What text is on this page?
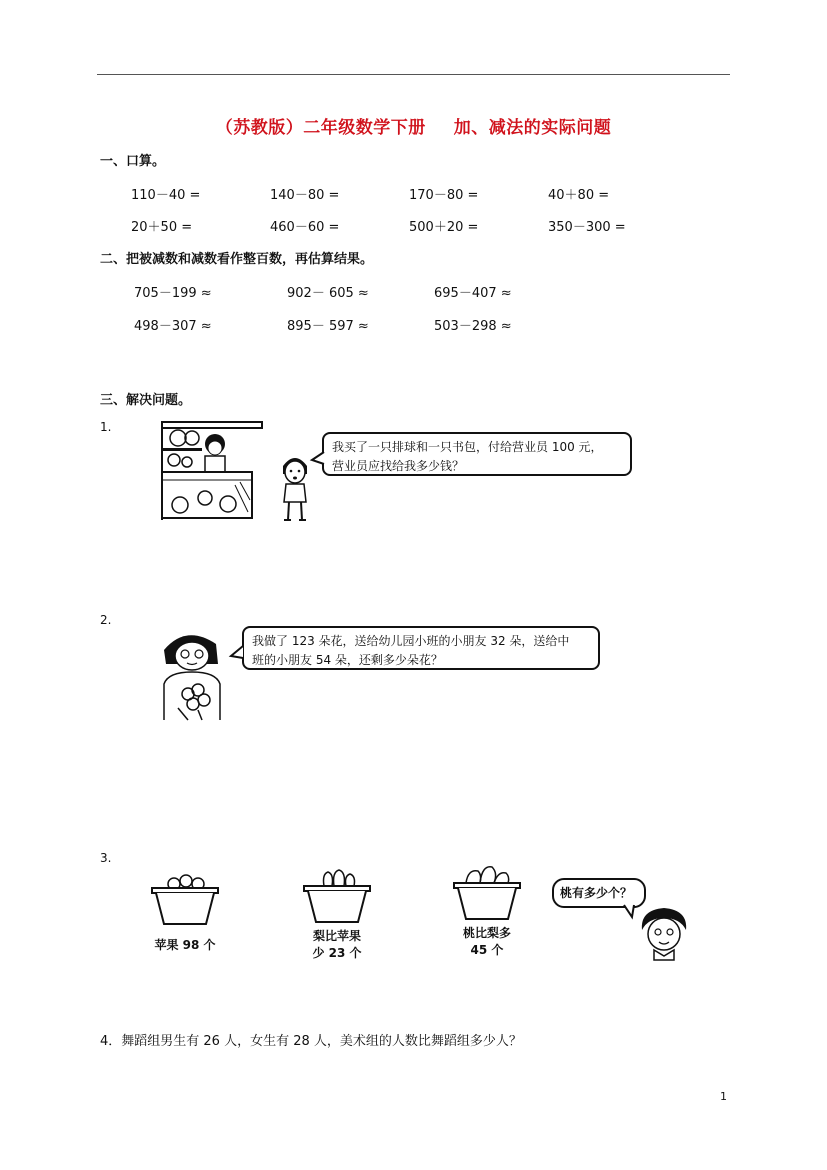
（苏教版）二年级数学下册 加、减法的实际问题
一、口算。
110－40 =	140－80 =	170－80 =	40＋80 =
20＋50 =	460－60 =	500＋20 =	350－300 =
二、把被减数和减数看作整百数，再估算结果。
705－199 ≈	902－ 605 ≈	695－407 ≈
498－307 ≈	895－ 597 ≈	503－298 ≈
三、解决问题。
1.
我买了一只排球和一只书包，付给营业员 100 元，
营业员应找给我多少钱？
2.
我做了 123 朵花，送给幼儿园小班的小朋友 32 朵，送给中
班的小朋友 54 朵，还剩多少朵花？
3.
苹果 98 个
梨比苹果
少 23 个
桃比梨多
45 个
桃有多少个？
4．舞蹈组男生有 26 人，女生有 28 人，美术组的人数比舞蹈组多少人？
1
